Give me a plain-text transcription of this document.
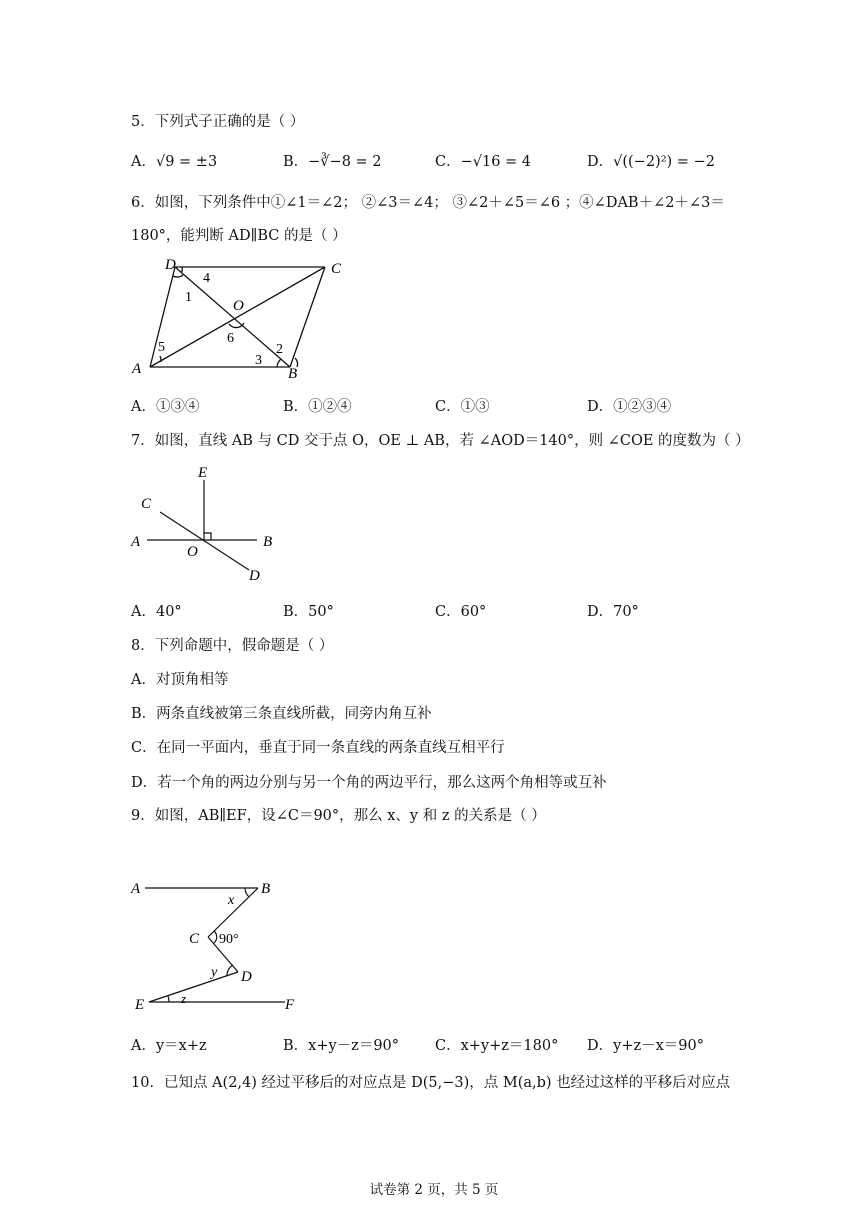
5．下列式子正确的是（ ）
A．√9 = ±3	B．−∛−8 = 2	C．−√16 = 4	D．√((−2)²) = −2
6．如图，下列条件中①∠1＝∠2； ②∠3＝∠4； ③∠2＋∠5＝∠6 ；④∠DAB＋∠2＋∠3＝
180°，能判断 AD∥BC 的是（ ）
D	C
A	B
O
1
4
5
6
3
2
A．①③④	B．①②④	C．①③	D．①②③④
7．如图，直线 AB 与 CD 交于点 O，OE ⊥ AB，若 ∠AOD＝140°，则 ∠COE 的度数为（ ）
E
C
A
O
B
D
A．40°	B．50°	C．60°	D．70°
8．下列命题中，假命题是（ ）
A．对顶角相等
B．两条直线被第三条直线所截，同旁内角互补
C．在同一平面内，垂直于同一条直线的两条直线互相平行
D．若一个角的两边分别与另一个角的两边平行，那么这两个角相等或互补
9．如图，AB∥EF，设∠C＝90°，那么 x、y 和 z 的关系是（ ）
A	B
x
C 90°
y D
E	z	F
A．y＝x+z	B．x+y－z＝90° C．x+y+z＝180° D．y+z－x＝90°
10．已知点 A(2,4) 经过平移后的对应点是 D(5,−3)，点 M(a,b) 也经过这样的平移后对应点
试卷第 2 页，共 5 页
